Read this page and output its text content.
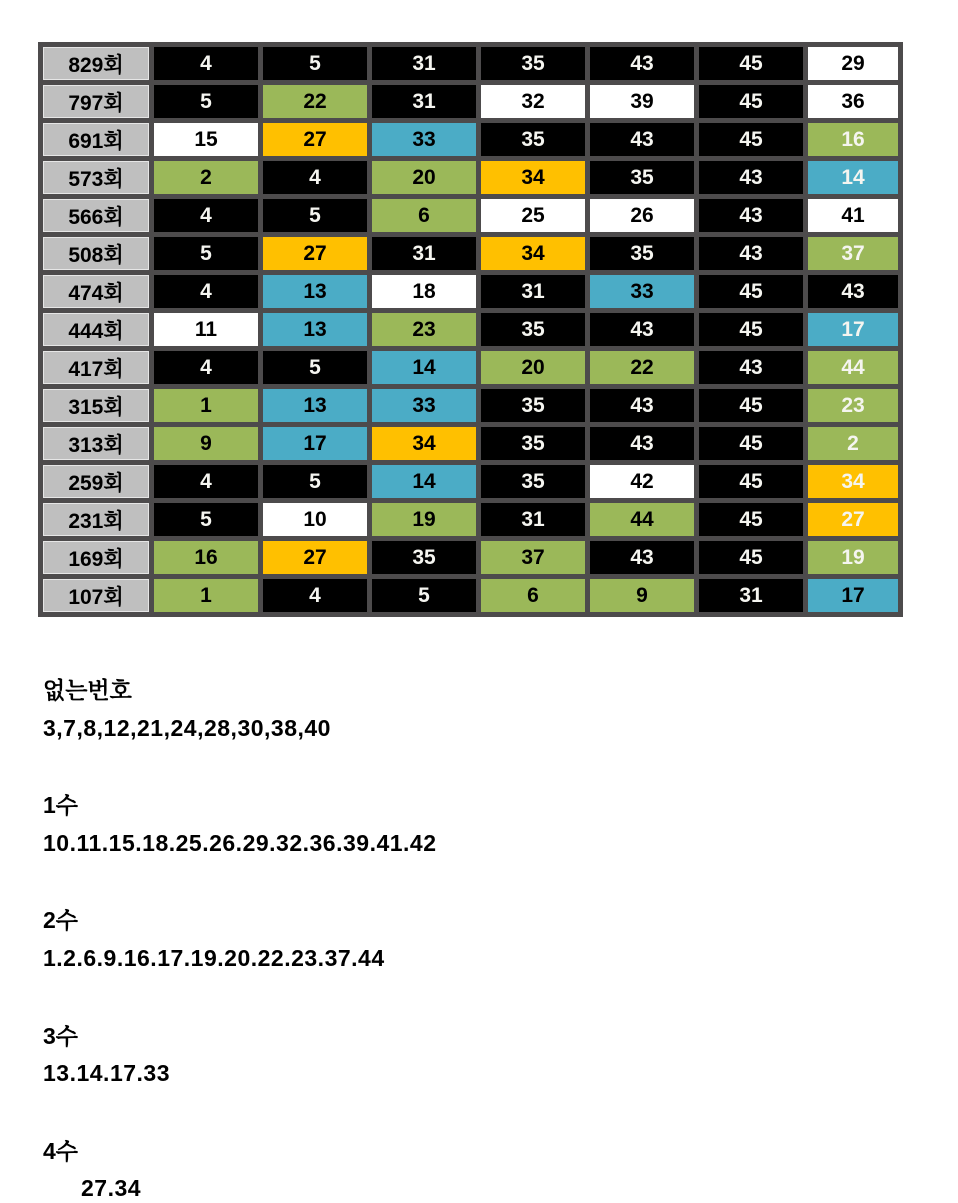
829회	4	5	31	35	43	45	29
797회	5	22	31	32	39	45	36
691회	15	27	33	35	43	45	16
573회	2	4	20	34	35	43	14
566회	4	5	6	25	26	43	41
508회	5	27	31	34	35	43	37
474회	4	13	18	31	33	45	43
444회	11	13	23	35	43	45	17
417회	4	5	14	20	22	43	44
315회	1	13	33	35	43	45	23
313회	9	17	34	35	43	45	2
259회	4	5	14	35	42	45	34
231회	5	10	19	31	44	45	27
169회	16	27	35	37	43	45	19
107회	1	4	5	6	9	31	17
없는번호
3,7,8,12,21,24,28,30,38,40
1수
10.11.15.18.25.26.29.32.36.39.41.42
2수
1.2.6.9.16.17.19.20.22.23.37.44
3수
13.14.17.33
4수
27.34
